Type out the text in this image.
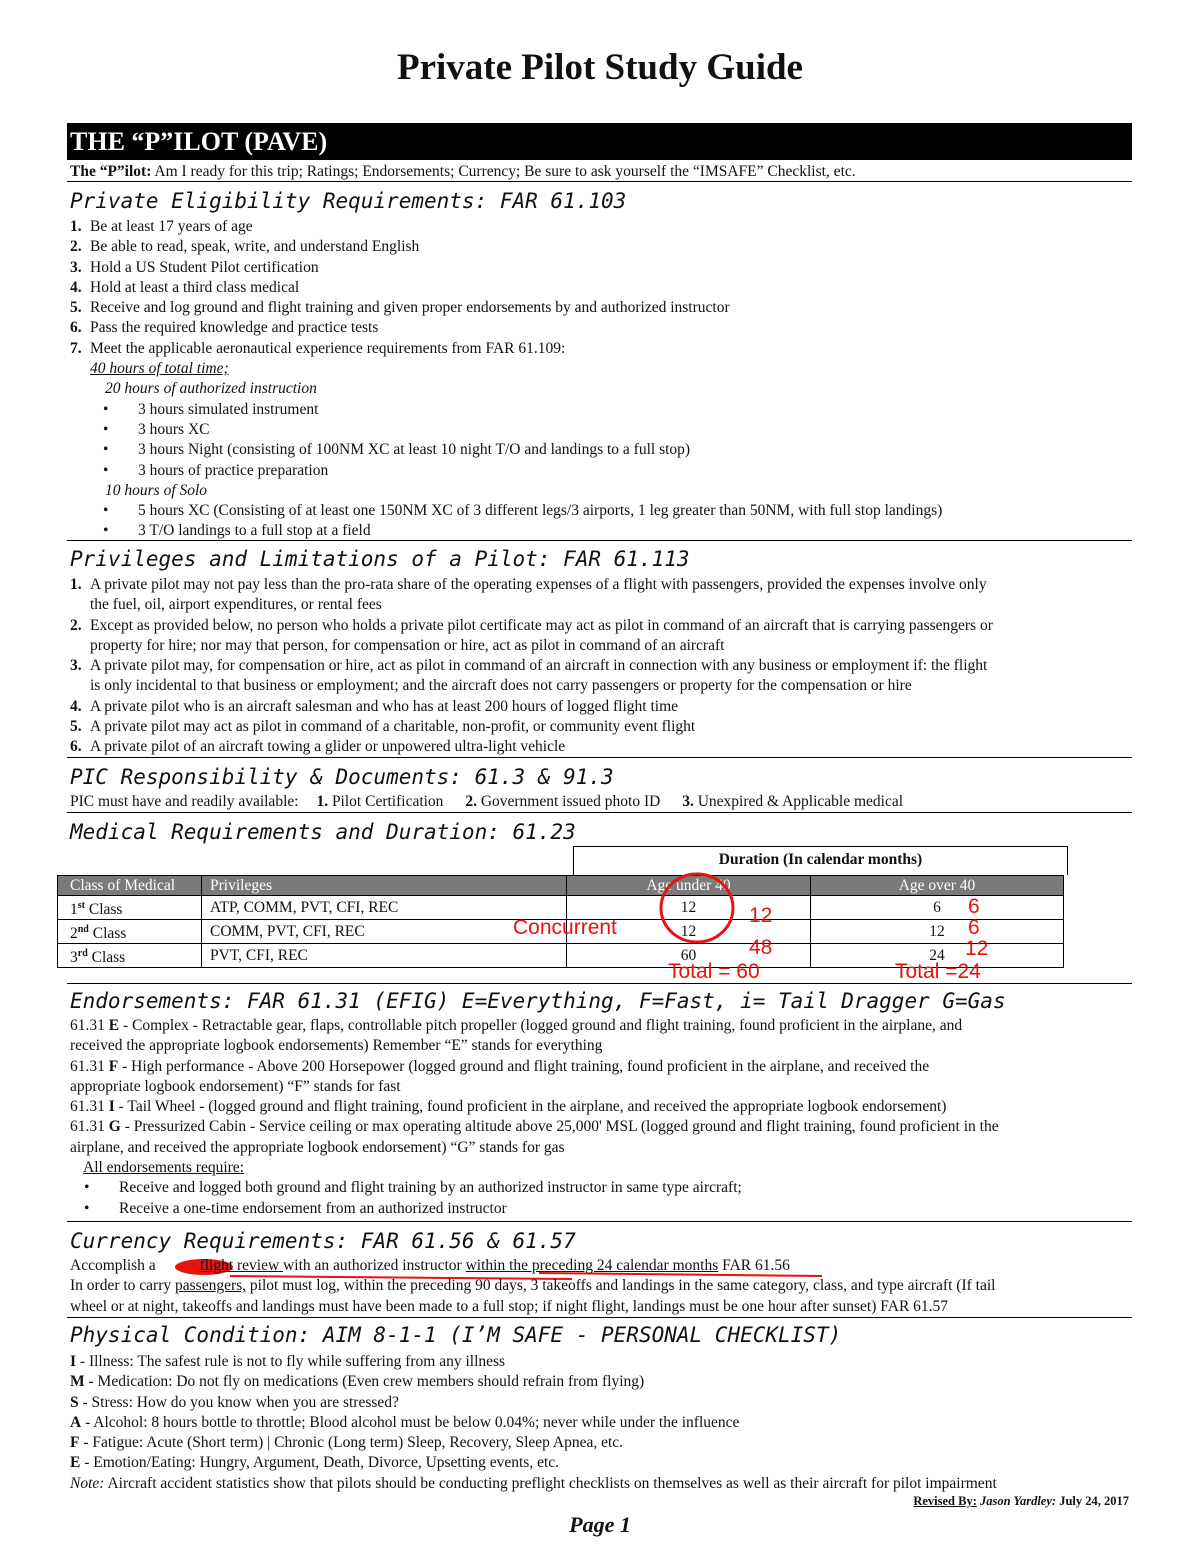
Private Pilot Study Guide
THE “P”ILOT (PAVE)
The “P”ilot: Am I ready for this trip; Ratings; Endorsements; Currency; Be sure to ask yourself the “IMSAFE” Checklist, etc.
Private Eligibility Requirements: FAR 61.103
1. Be at least 17 years of age
2. Be able to read, speak, write, and understand English
3. Hold a US Student Pilot certification
4. Hold at least a third class medical
5. Receive and log ground and flight training and given proper endorsements by and authorized instructor
6. Pass the required knowledge and practice tests
7. Meet the applicable aeronautical experience requirements from FAR 61.109:
40 hours of total time;
20 hours of authorized instruction
• 3 hours simulated instrument
• 3 hours XC
• 3 hours Night (consisting of 100NM XC at least 10 night T/O and landings to a full stop)
• 3 hours of practice preparation
10 hours of Solo
• 5 hours XC (Consisting of at least one 150NM XC of 3 different legs/3 airports, 1 leg greater than 50NM, with full stop landings)
• 3 T/O landings to a full stop at a field
Privileges and Limitations of a Pilot: FAR 61.113
1. A private pilot may not pay less than the pro-rata share of the operating expenses of a flight with passengers, provided the expenses involve only
the fuel, oil, airport expenditures, or rental fees
2. Except as provided below, no person who holds a private pilot certificate may act as pilot in command of an aircraft that is carrying passengers or
property for hire; nor may that person, for compensation or hire, act as pilot in command of an aircraft
3. A private pilot may, for compensation or hire, act as pilot in command of an aircraft in connection with any business or employment if: the flight
is only incidental to that business or employment; and the aircraft does not carry passengers or property for the compensation or hire
4. A private pilot who is an aircraft salesman and who has at least 200 hours of logged flight time
5. A private pilot may act as pilot in command of a charitable, non-profit, or community event flight
6. A private pilot of an aircraft towing a glider or unpowered ultra-light vehicle
PIC Responsibility & Documents: 61.3 & 91.3
PIC must have and readily available: 1. Pilot Certification 2. Government issued photo ID 3. Unexpired & Applicable medical
Medical Requirements and Duration: 61.23
Duration (In calendar months)
Class of Medical	Privileges	Age under 40	Age over 40
1st Class	ATP, COMM, PVT, CFI, REC	12	6
2nd Class	COMM, PVT, CFI, REC	12	12
3rd Class	PVT, CFI, REC	60	24
Concurrent
12
48
6
6
12
Total = 60	Total =24
Endorsements: FAR 61.31 (EFIG) E=Everything, F=Fast, i= Tail Dragger G=Gas
61.31 E - Complex - Retractable gear, flaps, controllable pitch propeller (logged ground and flight training, found proficient in the airplane, and
received the appropriate logbook endorsements) Remember “E” stands for everything
61.31 F - High performance - Above 200 Horsepower (logged ground and flight training, found proficient in the airplane, and received the
appropriate logbook endorsement) “F” stands for fast
61.31 I - Tail Wheel - (logged ground and flight training, found proficient in the airplane, and received the appropriate logbook endorsement)
61.31 G - Pressurized Cabin - Service ceiling or max operating altitude above 25,000' MSL (logged ground and flight training, found proficient in the
airplane, and received the appropriate logbook endorsement) “G” stands for gas
All endorsements require:
• Receive and logged both ground and flight training by an authorized instructor in same type aircraft;
• Receive a one-time endorsement from an authorized instructor
Currency Requirements: FAR 61.56 & 61.57
Accomplish a	flight review with an authorized instructor within the preceding 24 calendar months FAR 61.56
In order to carry passengers, pilot must log, within the preceding 90 days, 3 takeoffs and landings in the same category, class, and type aircraft (If tail
wheel or at night, takeoffs and landings must have been made to a full stop; if night flight, landings must be one hour after sunset) FAR 61.57
Physical Condition: AIM 8-1-1 (I’M SAFE - PERSONAL CHECKLIST)
I - Illness: The safest rule is not to fly while suffering from any illness
M - Medication: Do not fly on medications (Even crew members should refrain from flying)
S - Stress: How do you know when you are stressed?
A - Alcohol: 8 hours bottle to throttle; Blood alcohol must be below 0.04%; never while under the influence
F - Fatigue: Acute (Short term) | Chronic (Long term) Sleep, Recovery, Sleep Apnea, etc.
E - Emotion/Eating: Hungry, Argument, Death, Divorce, Upsetting events, etc.
Note: Aircraft accident statistics show that pilots should be conducting preflight checklists on themselves as well as their aircraft for pilot impairment
Revised By: Jason Yardley: July 24, 2017
Page 1
